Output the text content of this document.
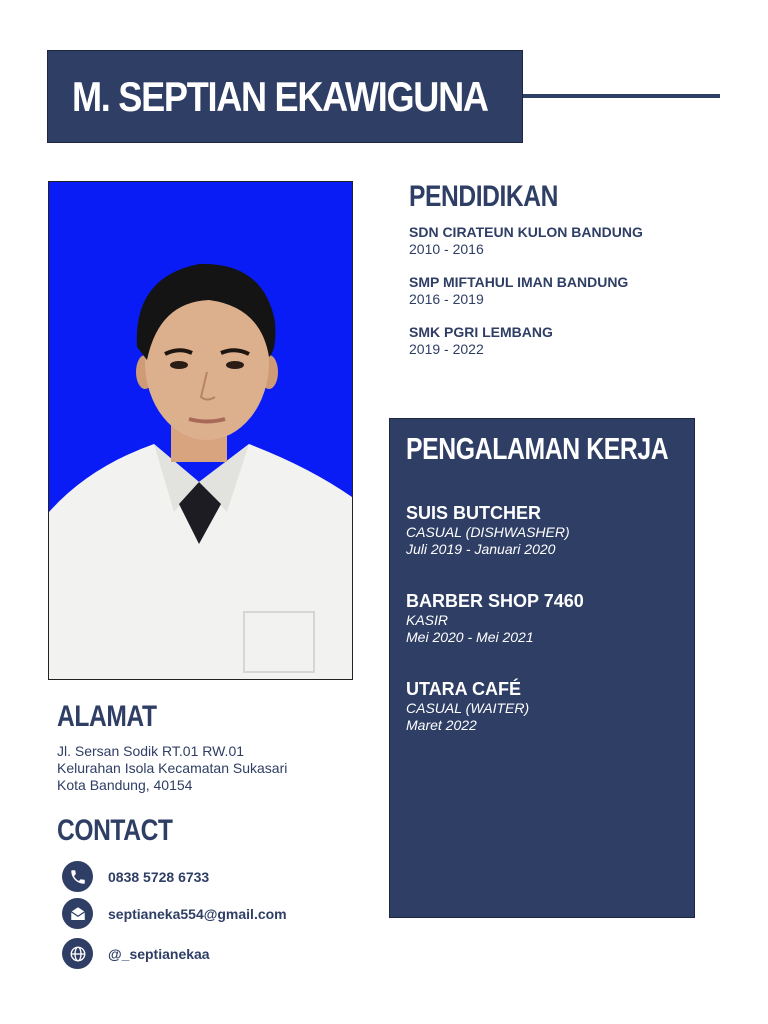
M. SEPTIAN EKAWIGUNA
PENDIDIKAN
SDN CIRATEUN KULON BANDUNG
2010 - 2016
SMP MIFTAHUL IMAN BANDUNG
2016 - 2019
SMK PGRI LEMBANG
2019 - 2022
PENGALAMAN KERJA
SUIS BUTCHER
CASUAL (DISHWASHER)
Juli 2019 - Januari 2020
BARBER SHOP 7460
KASIR
Mei 2020 - Mei 2021
UTARA CAFÉ
CASUAL (WAITER)
Maret 2022
ALAMAT
Jl. Sersan Sodik RT.01 RW.01
Kelurahan Isola Kecamatan Sukasari
Kota Bandung, 40154
CONTACT
0838 5728 6733
septianeka554@gmail.com
@_septianekaa
